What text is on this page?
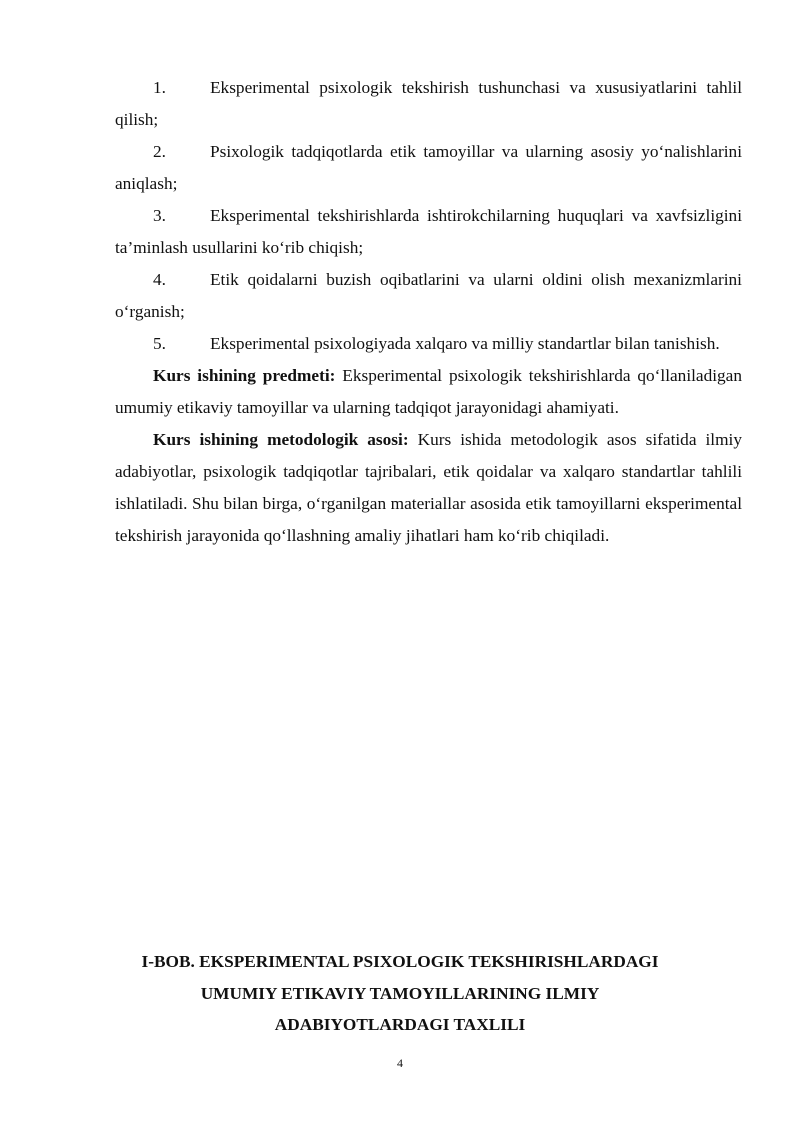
1.	Eksperimental psixologik tekshirish tushunchasi va xususiyatlarini tahlil qilish;

2.	Psixologik tadqiqotlarda etik tamoyillar va ularning asosiy yo‘nalishlarini aniqlash;

3.	Eksperimental tekshirishlarda ishtirokchilarning huquqlari va xavfsizligini ta’minlash usullarini ko‘rib chiqish;

4.	Etik qoidalarni buzish oqibatlarini va ularni oldini olish mexanizmlarini o‘rganish;

5.	Eksperimental psixologiyada xalqaro va milliy standartlar bilan tanishish.

Kurs ishining predmeti: Eksperimental psixologik tekshirishlarda qo‘llaniladigan umumiy etikaviy tamoyillar va ularning tadqiqot jarayonidagi ahamiyati.

Kurs ishining metodologik asosi: Kurs ishida metodologik asos sifatida ilmiy adabiyotlar, psixologik tadqiqotlar tajribalari, etik qoidalar va xalqaro standartlar tahlili ishlatiladi. Shu bilan birga, o‘rganilgan materiallar asosida etik tamoyillarni eksperimental tekshirish jarayonida qo‘llashning amaliy jihatlari ham ko‘rib chiqiladi.

I-BOB. EKSPERIMENTAL PSIXOLOGIK TEKSHIRISHLARDAGI
UMUMIY ETIKAVIY TAMOYILLARINING ILMIY
ADABIYOTLARDAGI TAXLILI
4
